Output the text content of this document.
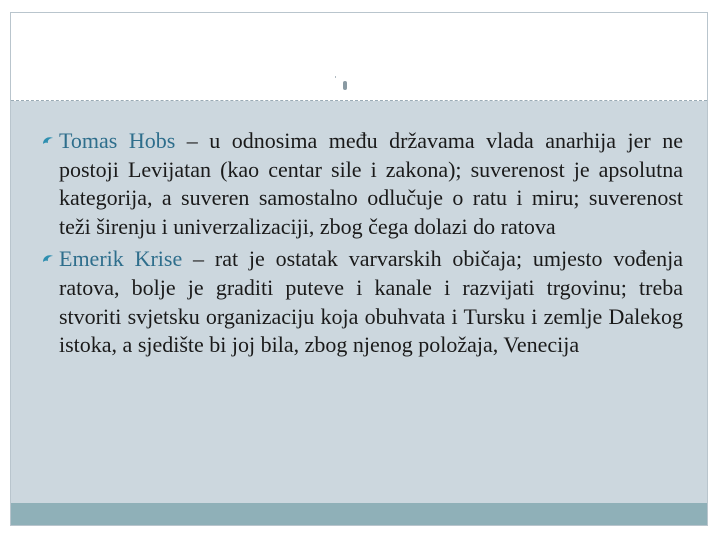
Tomas Hobs – u odnosima među državama vlada anarhija jer ne postoji Levijatan (kao centar sile i zakona); suverenost je apsolutna kategorija, a suveren samostalno odlučuje o ratu i miru; suverenost teži širenju i univerzalizaciji, zbog čega dolazi do ratova
Emerik Krise – rat je ostatak varvarskih običaja; umjesto vođenja ratova, bolje je graditi puteve i kanale i razvijati trgovinu; treba stvoriti svjetsku organizaciju koja obuhvata i Tursku i zemlje Dalekog istoka, a sjedište bi joj bila, zbog njenog položaja, Venecija
